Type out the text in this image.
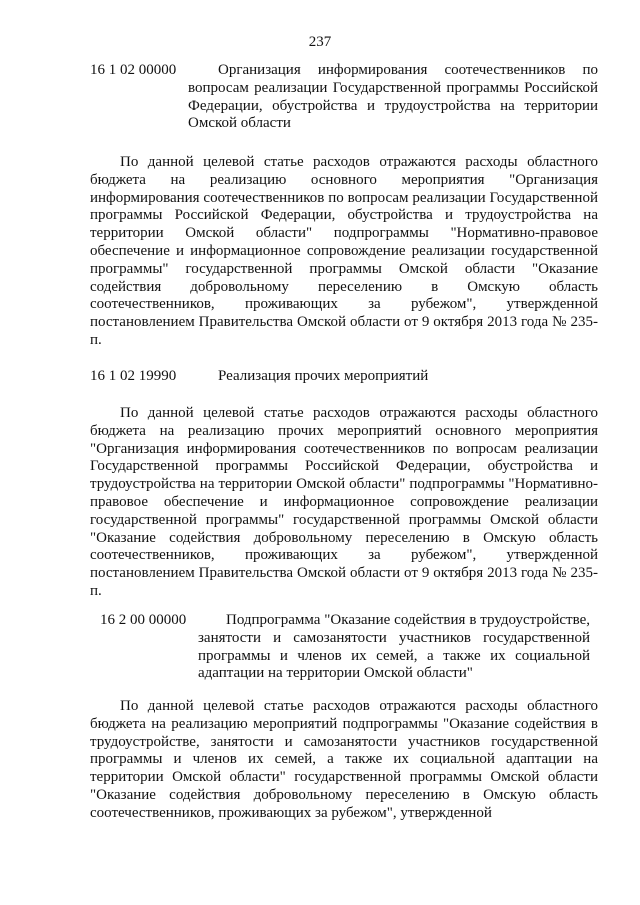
237
16 1 02 00000	Организация информирования соотечественников по вопросам реализации Государственной программы Российской Федерации, обустройства и трудоустройства на территории Омской области

По данной целевой статье расходов отражаются расходы областного бюджета на реализацию основного мероприятия "Организация информирования соотечественников по вопросам реализации Государственной программы Российской Федерации, обустройства и трудоустройства на территории Омской области" подпрограммы "Нормативно-правовое обеспечение и информационное сопровождение реализации государственной программы" государственной программы Омской области "Оказание содействия добровольному переселению в Омскую область соотечественников, проживающих за рубежом", утвержденной постановлением Правительства Омской области от 9 октября 2013 года № 235-п.

16 1 02 19990	Реализация прочих мероприятий

По данной целевой статье расходов отражаются расходы областного бюджета на реализацию прочих мероприятий основного мероприятия "Организация информирования соотечественников по вопросам реализации Государственной программы Российской Федерации, обустройства и трудоустройства на территории Омской области" подпрограммы "Нормативно-правовое обеспечение и информационное сопровождение реализации государственной программы" государственной программы Омской области "Оказание содействия добровольному переселению в Омскую область соотечественников, проживающих за рубежом", утвержденной постановлением Правительства Омской области от 9 октября 2013 года № 235-п.

16 2 00 00000	Подпрограмма "Оказание содействия в трудоустройстве, занятости и самозанятости участников государственной программы и членов их семей, а также их социальной адаптации на территории Омской области"

По данной целевой статье расходов отражаются расходы областного бюджета на реализацию мероприятий подпрограммы "Оказание содействия в трудоустройстве, занятости и самозанятости участников государственной программы и членов их семей, а также их социальной адаптации на территории Омской области" государственной программы Омской области "Оказание содействия добровольному переселению в Омскую область соотечественников, проживающих за рубежом", утвержденной
